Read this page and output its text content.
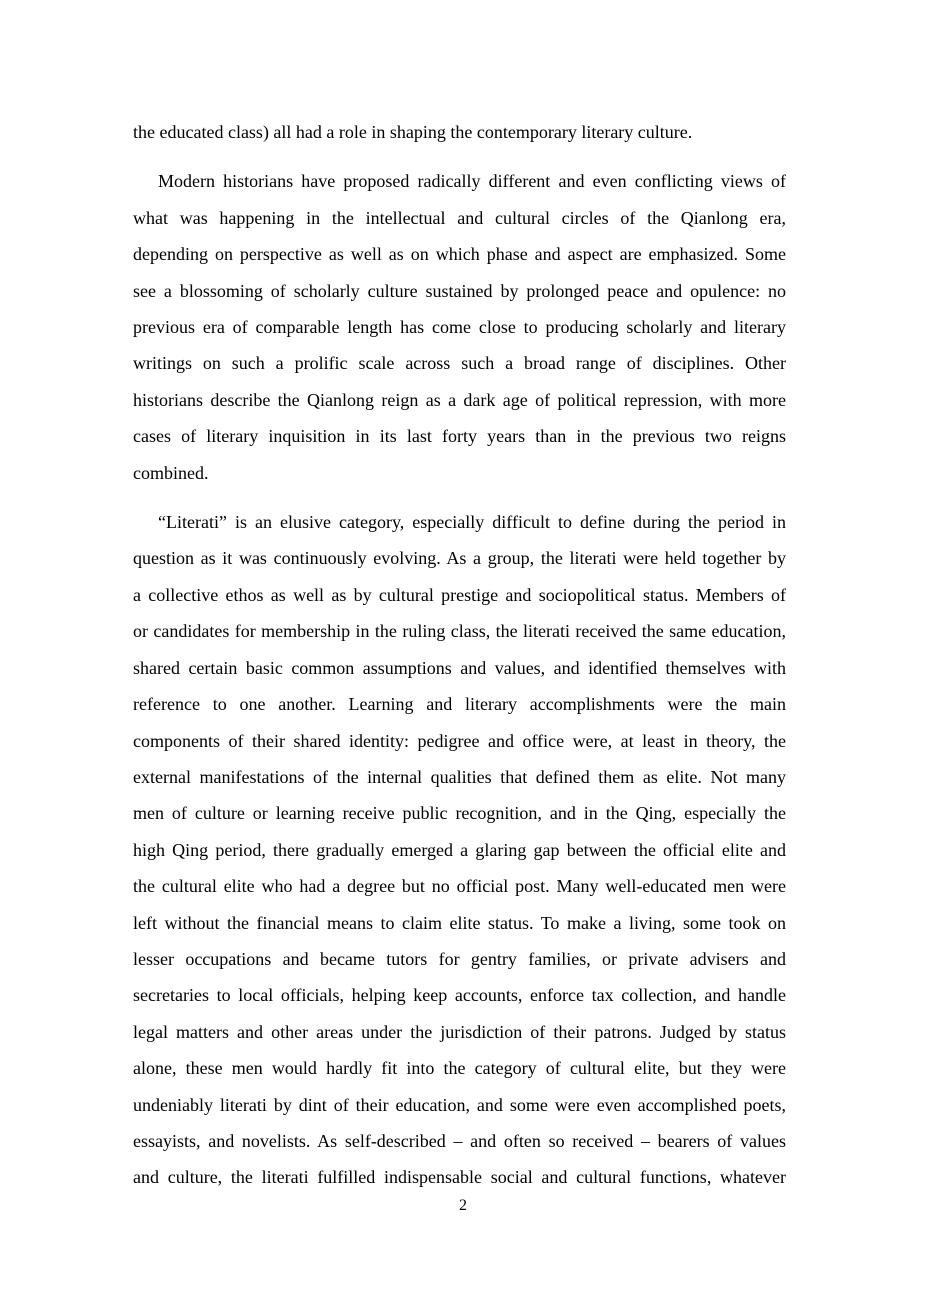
the educated class) all had a role in shaping the contemporary literary culture.

Modern historians have proposed radically different and even conflicting views of
what was happening in the intellectual and cultural circles of the Qianlong era,
depending on perspective as well as on which phase and aspect are emphasized. Some
see a blossoming of scholarly culture sustained by prolonged peace and opulence: no
previous era of comparable length has come close to producing scholarly and literary
writings on such a prolific scale across such a broad range of disciplines. Other
historians describe the Qianlong reign as a dark age of political repression, with more
cases of literary inquisition in its last forty years than in the previous two reigns
combined.

“Literati” is an elusive category, especially difficult to define during the period in
question as it was continuously evolving. As a group, the literati were held together by
a collective ethos as well as by cultural prestige and sociopolitical status. Members of
or candidates for membership in the ruling class, the literati received the same education,
shared certain basic common assumptions and values, and identified themselves with
reference to one another. Learning and literary accomplishments were the main
components of their shared identity: pedigree and office were, at least in theory, the
external manifestations of the internal qualities that defined them as elite. Not many
men of culture or learning receive public recognition, and in the Qing, especially the
high Qing period, there gradually emerged a glaring gap between the official elite and
the cultural elite who had a degree but no official post. Many well-educated men were
left without the financial means to claim elite status. To make a living, some took on
lesser occupations and became tutors for gentry families, or private advisers and
secretaries to local officials, helping keep accounts, enforce tax collection, and handle
legal matters and other areas under the jurisdiction of their patrons. Judged by status
alone, these men would hardly fit into the category of cultural elite, but they were
undeniably literati by dint of their education, and some were even accomplished poets,
essayists, and novelists. As self-described – and often so received – bearers of values
and culture, the literati fulfilled indispensable social and cultural functions, whatever

2
